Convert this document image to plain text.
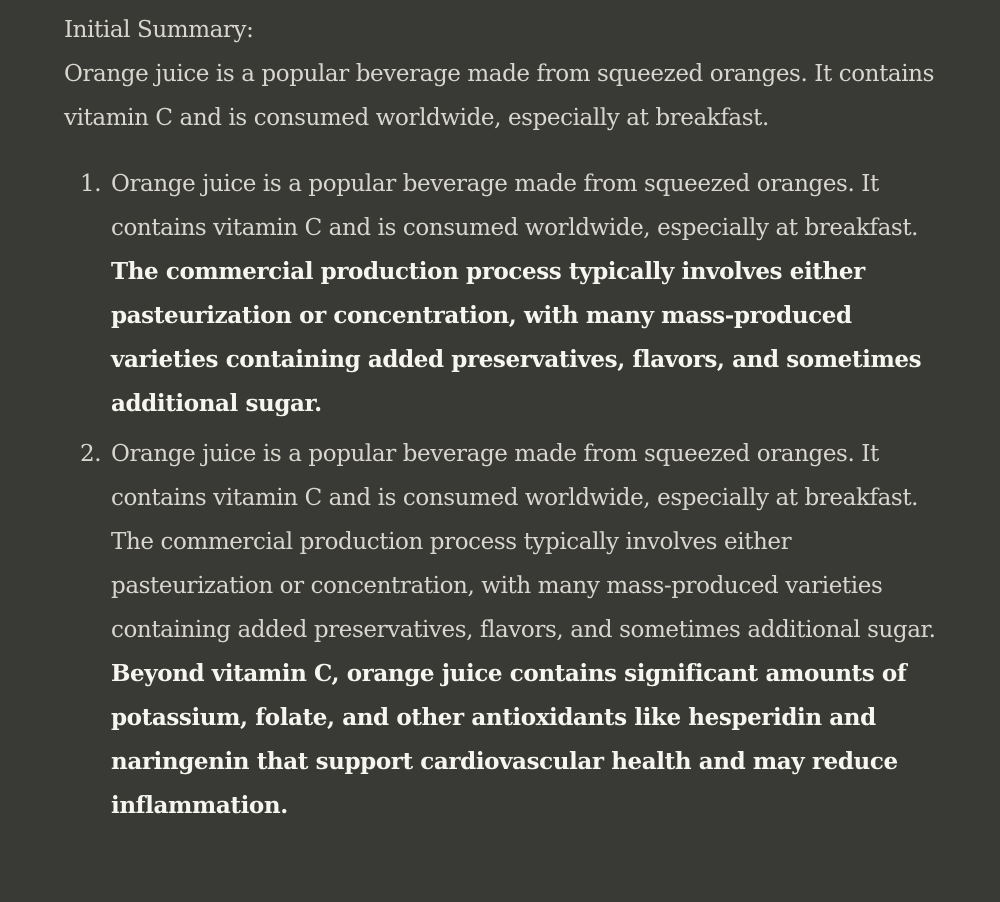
Initial Summary:

Orange juice is a popular beverage made from squeezed oranges. It contains vitamin C and is consumed worldwide, especially at breakfast.

1. Orange juice is a popular beverage made from squeezed oranges. It contains vitamin C and is consumed worldwide, especially at breakfast. The commercial production process typically involves either pasteurization or concentration, with many mass-produced varieties containing added preservatives, flavors, and sometimes additional sugar.
2. Orange juice is a popular beverage made from squeezed oranges. It contains vitamin C and is consumed worldwide, especially at breakfast. The commercial production process typically involves either pasteurization or concentration, with many mass-produced varieties containing added preservatives, flavors, and sometimes additional sugar. Beyond vitamin C, orange juice contains significant amounts of potassium, folate, and other antioxidants like hesperidin and naringenin that support cardiovascular health and may reduce inflammation.
